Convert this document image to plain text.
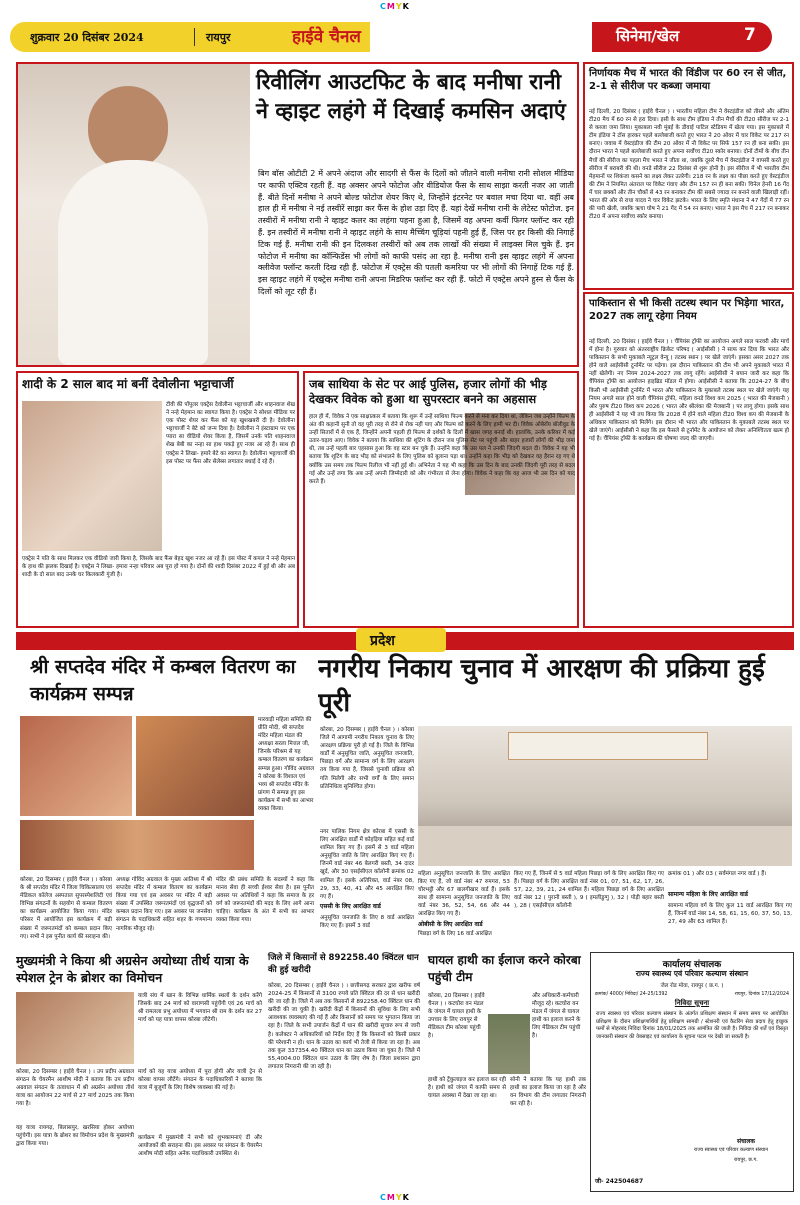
CMYK
CMYK
शुक्रवार 20 दिसंबर 2024	रायपुर	हाईवे चैनल	सिनेमा/खेल	7
रिवीलिंग आउटफिट के बाद मनीषा रानी ने व्हाइट लहंगे में दिखाई कमसिन अदाएं
बिग बॉस ओटीटी 2 में अपने अंदाज और सादगी से फैंस के दिलों को जीतने वाली मनीषा रानी सोशल मीडिया पर काफी एक्टिव रहती हैं. वह अक्सर अपने फोटोज और वीडियोज फैंस के साथ साझा करती नजर आ जाती हैं. बीते दिनों मनीषा ने अपने बोल्ड फोटोज शेयर किए थे, जिन्होंने इंटरनेट पर बवाल मचा दिया था. वहीं अब हाल ही में मनीषा ने नई तस्वीरें साझा कर फैंस के होश उड़ा दिए हैं. यहां देखें मनीषा रानी के लेटेस्ट फोटोज. इन तस्वीरों में मनीषा रानी ने व्हाइट कलर का लहंगा पहना हुआ है, जिसमें वह अपना कर्वी फिगर फ्लॉन्ट कर रही हैं. इन तस्वीरों में मनीषा रानी ने व्हाइट लहंगे के साथ मैच्चिंग चूड़ियां पहनी हुई हैं, जिस पर हर किसी की निगाहें टिक गई हैं. मनीषा रानी की इन दिलकश तस्वीरों को अब तक लाखों की संख्या में लाइक्स मिल चुके हैं. इन फोटोज में मनीषा का कॉन्फिडेंस भी लोगों को काफी पसंद आ रहा है. मनीषा रानी इस व्हाइट लहंगे में अपना क्लीवेज फ्लॉन्ट करती दिख रही हैं. फोटोज में एक्ट्रेस की पतली कमरिया पर भी लोगों की निगाहें टिक गई हैं. इस व्हाइट लहंगे में एक्ट्रेस मनीषा रानी अपना मिडरिफ फ्लॉन्ट कर रही हैं. फोटो में एक्ट्रेस अपने हुस्न से फैंस के दिलों को लूट रही हैं।
निर्णायक मैच में भारत की विंडीज पर 60 रन से जीत, 2-1 से सीरीज पर कब्जा जमाया
नई दिल्ली, 20 दिसंबर ( हाईवे चैनल ) । भारतीय महिला टीम ने वेस्टइंडीज को तीसरे और अंतिम टी20 मैच में 60 रन से हरा दिया। इसी के साथ टीम इंडिया ने तीन मैचों की टी20 सीरीज पर 2-1 से कब्जा जमा लिया। मुकाबला नवी मुंबई के डीवाई पाटिल स्टेडियम में खेला गया। इस मुकाबले में टीम इंडिया ने टॉस हारकर पहले बल्लेबाजी करते हुए भारत ने 20 ओवर में चार विकेट पर 217 रन बनाए। जवाब में वेस्टइंडीज की टीम 20 ओवर में नौ विकेट पर सिर्फ 157 रन ही बना सकी। इस दौरान भारत ने पहले बल्लेबाजी करते हुए अपना सर्वोच्च टी20 स्कोर बनाया। दोनों टीमों के बीच तीन मैचों की सीरीज का पहला मैच भारत ने जीता था, जबकि दूसरे मैच में वेस्टइंडीज ने वापसी करते हुए सीरीज में बराबरी की थी। वनडे सीरीज 22 दिसंबर से शुरू होनी है। इस सीरीज में भी भारतीय टीम मेहमानों पर शिकंजा कसने का लक्ष्य लेकर उतरेगी। 218 रन के लक्ष्य का पीछा करते हुए वेस्टइंडीज की टीम ने नियमित अंतराल पर विकेट गंवाए और टीम 157 रन ही बना सकी। चिनेल हेनरी 16 गेंद में चार छक्कों और तीन चौकों से 43 रन बनाकर टीम की सबसे ज्यादा रन बनाने वाली खिलाड़ी रहीं। भारत की ओर से राधा यादव ने चार विकेट झटके। भारत के लिए स्मृति मंधाना ने 47 गेंदों में 77 रन की पारी खेली, जबकि ऋचा घोष ने 21 गेंद में 54 रन बनाए। भारत ने इस मैच में 217 रन बनाकर टी20 में अपना सर्वोच्च स्कोर बनाया।
पाकिस्तान से भी किसी तटस्थ स्थान पर भिड़ेगा भारत, 2027 तक लागू रहेगा नियम
नई दिल्ली, 20 दिसंबर ( हाईवे चैनल ) । चैंपियंस ट्रॉफी का आयोजन अगले साल फरवरी और मार्च में होना है। गुरुवार को अंतरराष्ट्रीय क्रिकेट परिषद ( आईसीसी ) ने साफ कर दिया कि भारत और पाकिस्तान के सभी मुकाबले न्यूट्रल वेन्यू ( तटस्थ स्थान ) पर खेले जाएंगे। इसका असर 2027 तक होने वाले आईसीसी टूर्नामेंट पर पड़ेगा। इस दौरान पाकिस्तान की टीम भी अपने मुकाबले भारत में नहीं खेलेगी। नए नियम 2024-2027 तक लागू रहेंगे। आईसीसी ने बयान जारी कर कहा कि चैंपियंस ट्रॉफी का आयोजन हाइब्रिड मॉडल में होगा। आईसीसी ने बताया कि 2024-27 के बीच किसी भी आईसीसी टूर्नामेंट में भारत और पाकिस्तान के मुकाबले तटस्थ स्थल पर खेले जाएंगे। यह नियम अगले साल होने वाली चैंपियंस ट्रॉफी, महिला वनडे विश्व कप 2025 ( भारत की मेजबानी ) और पुरुष टी20 विश्व कप 2026 ( भारत और श्रीलंका की मेजबानी ) पर लागू होगा। इसके साथ ही आईसीसी ने यह भी तय किया कि 2028 में होने वाले महिला टी20 विश्व कप की मेजबानी के अधिकार पाकिस्तान को मिलेंगे। इस दौरान भी भारत और पाकिस्तान के मुकाबले तटस्थ स्थल पर खेले जाएंगे। आईसीसी ने कहा कि इस फैसले से टूर्नामेंट के आयोजन को लेकर अनिश्चितता खत्म हो गई है। चैंपियंस ट्रॉफी के कार्यक्रम की घोषणा जल्द की जाएगी।
शादी के 2 साल बाद मां बनीं देवोलीना भट्टाचार्जी
टीवी की पॉपुलर एक्ट्रेस देवोलीना भट्टाचार्जी और शाहनवाज शेख ने नन्हे मेहमान का स्वागत किया है। एक्ट्रेस ने सोशल मीडिया पर एक पोस्ट शेयर कर फैंस को यह खुशखबरी दी है। देवोलीना भट्टाचार्जी ने बेटे को जन्म दिया है। देवोलीना ने इंस्टाग्राम पर एक प्यारा सा वीडियो शेयर किया है, जिसमें उनके पति शाहनवाज शेख बेबी का नन्हा सा हाथ पकड़े हुए नजर आ रहे हैं। साथ ही एक्ट्रेस ने लिखा- हमारे बेटे का स्वागत है। देवोलीना भट्टाचार्जी की इस पोस्ट पर फैंस और सेलेब्स लगातार बधाई दे रहे हैं।
एक्ट्रेस ने पति के साथ मिलकर एक वीडियो जारी किया है, जिसके बाद फैंस बेहद खुश नजर आ रहे हैं। इस पोस्ट में कपल ने नन्हे मेहमान के हाथ की झलक दिखाई है। एक्ट्रेस ने लिखा- हमारा नन्हा परिवार अब पूरा हो गया है। दोनों की शादी दिसंबर 2022 में हुई थी और अब शादी के दो साल बाद उनके घर किलकारी गूंजी है।
जब साथिया के सेट पर आई पुलिस, हजार लोगों की भीड़ देखकर विवेक को हुआ था सुपरस्टार बनने का अहसास
हाल ही में, विवेक ने एक साक्षात्कार में बताया कि शुरू में उन्हें साथिया फिल्म करने से मना कर दिया था, लेकिन जब उन्होंने फिल्म के अंत की कहानी सुनी तो वह पूरी तरह से रोने से रोक नहीं पाए और फिल्म को करने के लिए हामी भर दी। विवेक ओबेरॉय बॉलीवुड के उन्हीं सितारों में से एक हैं, जिन्होंने अपनी पहली ही फिल्म से दर्शकों के दिलों में खास जगह बनाई थी। हालांकि, उनके करियर में कई उतार-चढ़ाव आए। विवेक ने बताया कि साथिया की शूटिंग के दौरान जब पुलिस सेट पर पहुंची और बाहर हजारों लोगों की भीड़ जमा थी, तब उन्हें पहली बार एहसास हुआ कि वह स्टार बन चुके हैं। उन्होंने कहा कि उस पल ने उनकी जिंदगी बदल दी। विवेक ने यह भी बताया कि शूटिंग के बाद भीड़ को संभालने के लिए पुलिस को बुलाना पड़ा था। उन्होंने कहा कि भीड़ को देखकर वह हैरान रह गए थे क्योंकि उस समय तक फिल्म रिलीज भी नहीं हुई थी। अभिनेता ने यह भी कहा कि उस दिन के बाद उनकी जिंदगी पूरी तरह से बदल गई और उन्हें लगा कि अब उन्हें अपनी जिम्मेदारी को और गंभीरता से लेना होगा। विवेक ने कहा कि वह आज भी उस दिन को याद करते हैं।
प्रदेश
श्री सप्तदेव मंदिर में कम्बल वितरण का कार्यक्रम सम्पन्न
मारवाड़ी महिला समिति की प्रीति मोदी, श्री सप्तदेव मंदिर महिला मंडल की अध्यक्षा सरला मित्तल जी, जिनके परिश्रम से यह कम्बल वितरण का कार्यक्रम सम्पन्न हुआ। गोविंद अग्रवाल ने कोरबा के विशाल एवं भव्य श्री सप्तदेव मंदिर के प्रांगण में सम्पन्न हुए इस कार्यक्रम में सभी का आभार व्यक्त किया।
कोरबा, 20 दिसम्बर ( हाईवे चैनल ) । कोरबा के श्री सप्तदेव मंदिर में जिला चिकित्सालय एवं मेडिकल कॉलेज अस्पताल सुपरस्पेशलिटी एवं विभिन्न संगठनों के सहयोग से कम्बल वितरण का कार्यक्रम आयोजित किया गया। मंदिर परिसर में आयोजित इस कार्यक्रम में बड़ी संख्या में जरूरतमंदों को कम्बल प्रदान किए गए। सभी ने इस पुनीत कार्य की सराहना की।
अध्यक्ष गोविंद अग्रवाल के मुख्य आतिथ्य में श्री सप्तदेव मंदिर में कम्बल वितरण का कार्यक्रम किया गया एवं इस अवसर पर मंदिर में बड़ी संख्या में उपस्थित जरूरतमंदों एवं वृद्धजनों को कम्बल प्रदान किए गए। इस अवसर पर जनसेवा संगठन के पदाधिकारी सहित शहर के गणमान्य नागरिक मौजूद रहे।
मंदिर की प्रबंध समिति के सदस्यों ने कहा कि मानव सेवा ही सच्ची ईश्वर सेवा है। इस पुनीत अवसर पर अतिथियों ने कहा कि समाज के हर वर्ग को जरूरतमंदों की मदद के लिए आगे आना चाहिए। कार्यक्रम के अंत में सभी का आभार व्यक्त किया गया।
नगरीय निकाय चुनाव में आरक्षण की प्रक्रिया हुई पूरी
कोरबा, 20 दिसम्बर ( हाईवे चैनल ) । कोरबा जिले में आगामी नगरीय निकाय चुनाव के लिए आरक्षण प्रक्रिया पूरी हो गई है। जिले के विभिन्न वार्डों में अनुसूचित जाति, अनुसूचित जनजाति, पिछड़ा वर्ग और सामान्य वर्ग के लिए आरक्षण तय किया गया है, जिससे चुनावी प्रक्रिया को गति मिलेगी और सभी वर्गों के लिए समान प्रतिनिधित्व सुनिश्चित होगा।
नगर पालिक निगम क्षेत्र कोरबा में एससी के लिए आरक्षित वार्डों में कोहड़िया सहित कई वार्ड शामिल किए गए हैं। इसमें से 3 वार्ड महिला अनुसूचित जाति के लिए आरक्षित किए गए हैं। जिनमें वार्ड नंबर 46 बेलगरी बस्ती, 34 दादर खुर्द, और 30 एसईसीएल कॉलोनी क्रमांक 02 शामिल हैं। इसके अतिरिक्त, वार्ड नंबर 08, 29, 33, 40, 41 और 45 आरक्षित किए गए हैं।
एससी के लिए आरक्षित वार्ड
अनुसूचित जनजाति के लिए 8 वार्ड आरक्षित किए गए हैं। इसमें 3 वार्ड
महिला अनुसूचित जनजाति के लिए आरक्षित किए गए हैं, जो वार्ड नंबर 47 रुमगरा, 53 चोरभट्ठी और 67 बालगीखार वार्ड हैं। इसके साथ ही सामान्य अनुसूचित जनजाति के लिए वार्ड नंबर 36, 52, 54, 66 और 44 आरक्षित किए गए हैं।
ओबीसी के लिए आरक्षित वार्ड
पिछड़ा वर्ग के लिए 16 वार्ड आरक्षित
किए गए हैं, जिनमें से 5 वार्ड महिला पिछड़ा वर्ग के लिए आरक्षित किए गए हैं। पिछड़ा वर्ग के लिए आरक्षित वार्ड नंबर 01, 07, 51, 62, 17, 26, 57, 22, 39, 21, 24 शामिल हैं। महिला पिछड़ा वर्ग के लिए आरक्षित वार्ड नंबर 12 ( पुरानी बस्ती ), 9 ( इमलीडुग्गु ), 32 ( पोड़ी बहार बस्ती ), 28 ( एसईसीएल कॉलोनी
क्रमांक 01 ) और 03 ( सर्वमंगल नगर वार्ड ) हैं।
सामान्य महिला के लिए आरक्षित वार्ड
सामान्य महिला वर्ग के लिए कुल 11 वार्ड आरक्षित किए गए हैं, जिनमें वार्ड नंबर 14, 58, 61, 15, 60, 37, 50, 13, 27, 49 और 63 शामिल हैं।
मुख्यमंत्री ने किया श्री अग्रसेन अयोध्या तीर्थ यात्रा के स्पेशल ट्रेन के ब्रोशर का विमोचन
यात्री संघ में खान के विभिन्न धार्मिक स्थलों के दर्शन करेंगे जिसके बाद 24 मार्च को वाराणसी पहुंचेंगी एवं 26 मार्च को श्री रामलला प्रभु अयोध्या में भगवान श्री राम के दर्शन कर 27 मार्च को यह यात्रा वापस कोरबा लौटेगी।
कोरबा, 20 दिसम्बर ( हाईवे चैनल ) । उप प्रदीप अग्रवाल संगठन के चेयरमैन आशीष मोदी ने बताया कि उप प्रदीप अग्रवाल संगठन के तत्वाधान में श्री अग्रसेन अयोध्या तीर्थ यात्रा का आयोजन 22 मार्च से 27 मार्च 2025 तक किया गया है।
यह यात्रा रायगढ़, बिलासपुर, खरसिया होकर अयोध्या पहुंचेगी। इस यात्रा के ब्रोशर का विमोचन प्रदेश के मुख्यमंत्री द्वारा किया गया।
मार्च को यह यात्रा अयोध्या में पूरा होगी और यात्री ट्रेन से कोरबा वापस लौटेंगे। संगठन के पदाधिकारियों ने बताया कि यात्रा में बुजुर्गों के लिए विशेष व्यवस्था की गई है।
कार्यक्रम में मुख्यमंत्री ने सभी को शुभकामनाएं दीं और आयोजकों की सराहना की। इस अवसर पर संगठन के चेयरमैन आशीष मोदी सहित अनेक पदाधिकारी उपस्थित थे।
जिले में किसानों से 892258.40 क्विंटल धान की हुई खरीदी
कोरबा, 20 दिसम्बर ( हाईवे चैनल ) । छत्तीसगढ़ सरकार द्वारा खरीफ वर्ष 2024-25 में किसानों से 3100 रुपये प्रति क्विंटल की दर से धान खरीदी की जा रही है। जिले में अब तक किसानों से 892258.40 क्विंटल धान की खरीदी की जा चुकी है। खरीदी केंद्रों में किसानों की सुविधा के लिए सभी आवश्यक व्यवस्थाएं की गई हैं और किसानों को समय पर भुगतान किया जा रहा है। जिले के सभी उपार्जन केंद्रों में धान की खरीदी सुचारु रूप से जारी है। कलेक्टर ने अधिकारियों को निर्देश दिए हैं कि किसानों को किसी प्रकार की परेशानी न हो। धान के उठाव का कार्य भी तेजी से किया जा रहा है। अब तक कुल 337354.40 क्विंटल धान का उठाव किया जा चुका है। जिले में 55,4004.00 क्विंटल धान उठाव के लिए शेष है। जिला प्रशासन द्वारा लगातार निगरानी की जा रही है।
घायल हाथी का ईलाज करने कोरबा पहुंची टीम
कोरबा, 20 दिसम्बर ( हाईवे चैनल ) । कटघोरा वन मंडल के जंगल में घायल हाथी के उपचार के लिए रायपुर से मेडिकल टीम कोरबा पहुंची है।
और अधिकारी-कर्मचारी मौजूद रहे। कटघोरा वन मंडल में जंगल से घायल हाथी का इलाज करने के लिए मेडिकल टीम पहुंची है।
हाथी को ट्रेंकुलाइज कर इलाज कर रही है। हाथी को जंगल में काफी समय से घायल अवस्था में देखा जा रहा था।
सोनी ने बताया कि यह हाथी तक हाथी का इलाज किया जा रहा है और वन विभाग की टीम लगातार निगरानी कर रही है।
कार्यालय संचालक
राज्य स्वास्थ्य एवं परिवार कल्याण संस्थान
जेल रोड मोवा, रायपुर ( छ.ग. )
क्रमांक/ 4000/ निविदा/ 24-25/1392	रायपुर, दिनांक 17/12/2024
निविदा सूचना
राज्य स्वास्थ्य एवं परिवार कल्याण संस्थान के अंतर्गत प्रशिक्षण संस्थान में समय समय पर आयोजित प्रशिक्षण के दौरान प्रशिक्षणार्थियों हेतु प्रशिक्षण सामग्री / स्टेशनरी एवं कैटरिंग सेवा प्रदाय हेतु इच्छुक फर्मों से मोहरबंद निविदा दिनांक 18/01/2025 तक आमंत्रित की जाती है। निविदा की शर्तें एवं विस्तृत जानकारी संस्थान की वेबसाइट एवं कार्यालय के सूचना पटल पर देखी जा सकती है।
संचालक
राज्य स्वास्थ्य एवं परिवार कल्याण संस्थान
रायपुर, छ.ग.
जी- 242504687
